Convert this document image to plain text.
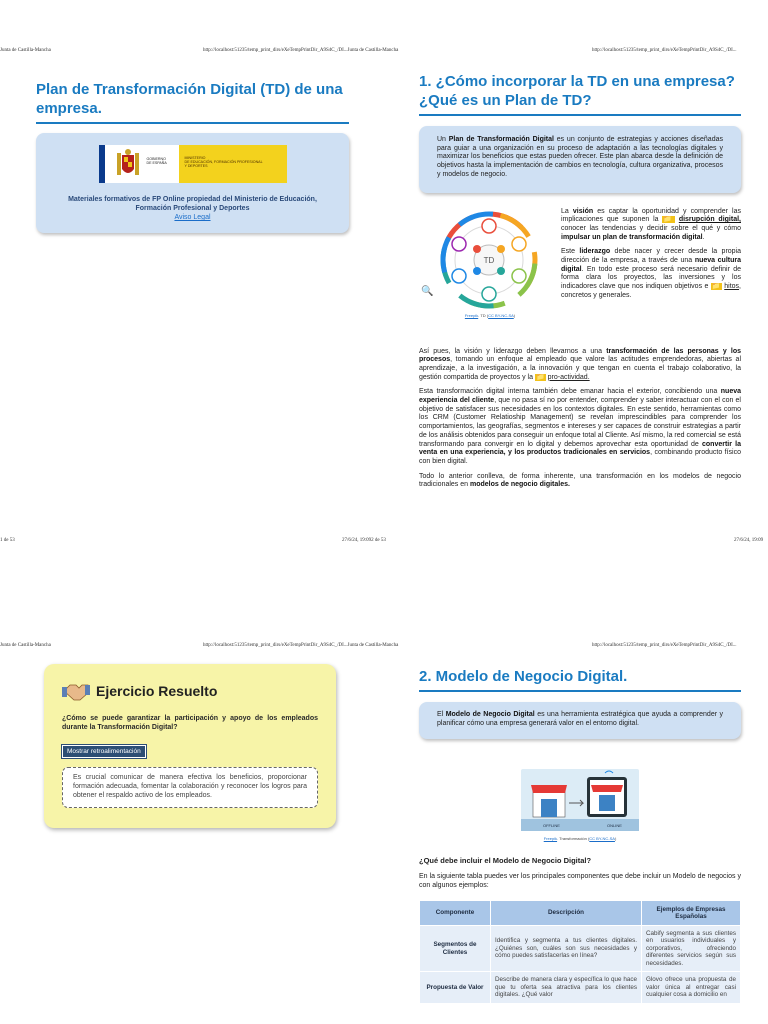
Junta de Castilla-Mancha	http://localhost:51235/temp_print_dirs/eXeTempPrintDir_A9S4C_/DI...Junta de Castilla-Mancha	http://localhost:51235/temp_print_dirs/eXeTempPrintDir_A9S4C_/DI...
Plan de Transformación Digital (TD) de una empresa.
GOBIERNO
DE ESPAÑA
MINISTERIO
DE EDUCACIÓN, FORMACIÓN PROFESIONAL
Y DEPORTES
Materiales formativos de FP Online propiedad del Ministerio de Educación, Formación Profesional y Deportes
Aviso Legal
1. ¿Cómo incorporar la TD en una empresa? ¿Qué es un Plan de TD?

Un Plan de Transformación Digital es un conjunto de estrategias y acciones diseñadas para guiar a una organización en su proceso de adaptación a las tecnologías digitales y maximizar los beneficios que estas pueden ofrecer. Este plan abarca desde la definición de objetivos hasta la implementación de cambios en tecnología, cultura organizativa, procesos y modelos de negocio.

TD
🔍
Freepik. TD (CC BY-NC-SA)

La visión es captar la oportunidad y comprender las implicaciones que suponen la 📁 disrupción digital, conocer las tendencias y decidir sobre el qué y cómo impulsar un plan de transformación digital.

Este liderazgo debe nacer y crecer desde la propia dirección de la empresa, a través de una nueva cultura digital. En todo este proceso será necesario definir de forma clara los proyectos, las inversiones y los indicadores clave que nos indiquen objetivos e 📁 hitos, concretos y generales.

Así pues, la visión y liderazgo deben llevarnos a una transformación de las personas y los procesos, tomando un enfoque al empleado que valore las actitudes emprendedoras, abiertas al aprendizaje, a la investigación, a la innovación y que tengan en cuenta el trabajo colaborativo, la gestión compartida de proyectos y la 📁 pro-actividad.

Esta transformación digital interna también debe emanar hacia el exterior, concibiendo una nueva experiencia del cliente, que no pasa sí no por entender, comprender y saber interactuar con el con el objetivo de satisfacer sus necesidades en los contextos digitales. En este sentido, herramientas como los CRM (Customer Relatioship Management) se revelan imprescindibles para comprender los comportamientos, las geografías, segmentos e intereses y ser capaces de construir estrategias a partir de los análisis obtenidos para conseguir un enfoque total al Cliente. Así mismo, la red comercial se está transformando para convergir en lo digital y debemos aprovechar esta oportunidad de convertir la venta en una experiencia, y los productos tradicionales en servicios, combinando producto físico con bien digital.

Todo lo anterior conlleva, de forma inherente, una transformación en los modelos de negocio tradicionales en modelos de negocio digitales.

1 de 53	27/6/24, 19:092 de 53	27/6/24, 19:09
Junta de Castilla-Mancha	http://localhost:51235/temp_print_dirs/eXeTempPrintDir_A9S4C_/DI...Junta de Castilla-Mancha	http://localhost:51235/temp_print_dirs/eXeTempPrintDir_A9S4C_/DI...
Ejercicio Resuelto

¿Cómo se puede garantizar la participación y apoyo de los empleados durante la Transformación Digital?

Mostrar retroalimentación

Es crucial comunicar de manera efectiva los beneficios, proporcionar formación adecuada, fomentar la colaboración y reconocer los logros para obtener el respaldo activo de los empleados.

2. Modelo de Negocio Digital.

El Modelo de Negocio Digital es una herramienta estratégica que ayuda a comprender y planificar cómo una empresa generará valor en el entorno digital.

OFFLINE	ONLINE
Freepik. Transformación (CC BY-NC-SA)
¿Qué debe incluir el Modelo de Negocio Digital?

En la siguiente tabla puedes ver los principales componentes que debe incluir un Modelo de negocios y con algunos ejemplos:

Componente	Descripción	Ejemplos de Empresas Españolas
Segmentos de Clientes	Identifica y segmenta a tus clientes digitales. ¿Quiénes son, cuáles son sus necesidades y cómo puedes satisfacerlas en línea?	Cabify segmenta a sus clientes en usuarios individuales y corporativos, ofreciendo diferentes servicios según sus necesidades.
Propuesta de Valor	Describe de manera clara y específica lo que hace que tu oferta sea atractiva para los clientes digitales. ¿Qué valor	Glovo ofrece una propuesta de valor única al entregar casi cualquier cosa a domicilio en
